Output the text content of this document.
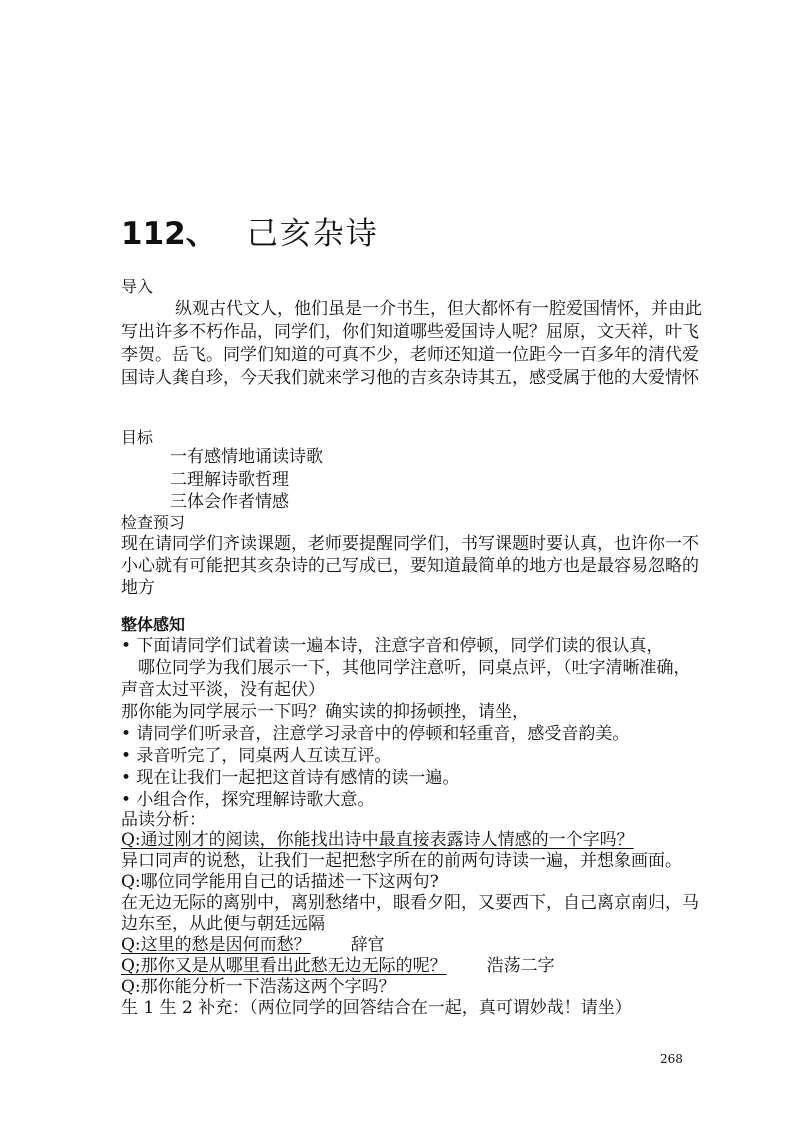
112、 己亥杂诗
导入
纵观古代文人，他们虽是一介书生，但大都怀有一腔爱国情怀，并由此
写出许多不朽作品，同学们，你们知道哪些爱国诗人呢？屈原，文天祥，叶飞
李贺。岳飞。同学们知道的可真不少，老师还知道一位距今一百多年的清代爱
国诗人龚自珍，今天我们就来学习他的吉亥杂诗其五，感受属于他的大爱情怀
目标
一有感情地诵读诗歌
二理解诗歌哲理
三体会作者情感
检查预习
现在请同学们齐读课题，老师要提醒同学们，书写课题时要认真，也许你一不
小心就有可能把其亥杂诗的己写成已，要知道最简单的地方也是最容易忽略的
地方
整体感知
• 下面请同学们试着读一遍本诗，注意字音和停顿，同学们读的很认真，
哪位同学为我们展示一下，其他同学注意听，同桌点评，（吐字清晰准确，
声音太过平淡，没有起伏）
那你能为同学展示一下吗？确实读的抑扬顿挫，请坐，
• 请同学们听录音，注意学习录音中的停顿和轻重音，感受音韵美。
• 录音听完了，同桌两人互读互评。
• 现在让我们一起把这首诗有感情的读一遍。
• 小组合作，探究理解诗歌大意。
品读分析：
Q:通过刚才的阅读，你能找出诗中最直接表露诗人情感的一个字吗？
异口同声的说愁，让我们一起把愁字所在的前两句诗读一遍，并想象画面。
Q:哪位同学能用自己的话描述一下这两句?
在无边无际的离别中，离别愁绪中，眼看夕阳，又要西下，自己离京南归，马
边东至，从此便与朝廷远隔
Q:这里的愁是因何而愁？ 辞官
Q;那你又是从哪里看出此愁无边无际的呢？ 浩荡二字
Q:那你能分析一下浩荡这两个字吗？
生 1 生 2 补充：（两位同学的回答结合在一起，真可谓妙哉！请坐）
268
